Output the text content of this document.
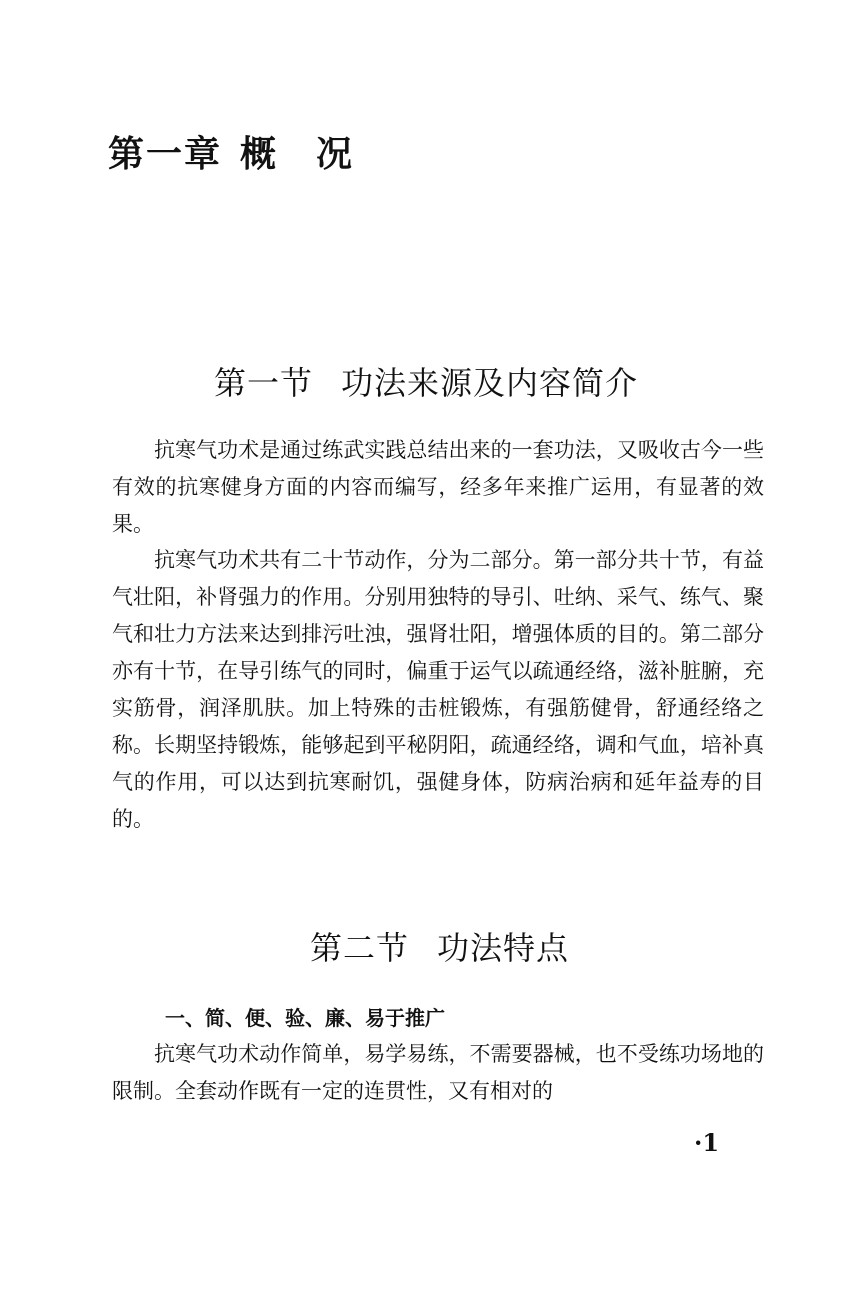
第一章 概　况
第一节 功法来源及内容简介

抗寒气功术是通过练武实践总结出来的一套功法，又吸收古今一些有效的抗寒健身方面的内容而编写，经多年来推广运用，有显著的效果。

抗寒气功术共有二十节动作，分为二部分。第一部分共十节，有益气壮阳，补肾强力的作用。分别用独特的导引、吐纳、采气、练气、聚气和壮力方法来达到排污吐浊，强肾壮阳，增强体质的目的。第二部分亦有十节，在导引练气的同时，偏重于运气以疏通经络，滋补脏腑，充实筋骨，润泽肌肤。加上特殊的击桩锻炼，有强筋健骨，舒通经络之称。长期坚持锻炼，能够起到平秘阴阳，疏通经络，调和气血，培补真气的作用，可以达到抗寒耐饥，强健身体，防病治病和延年益寿的目的。

第二节 功法特点
一、简、便、验、廉、易于推广

抗寒气功术动作简单，易学易练，不需要器械，也不受练功场地的限制。全套动作既有一定的连贯性，又有相对的

·1
